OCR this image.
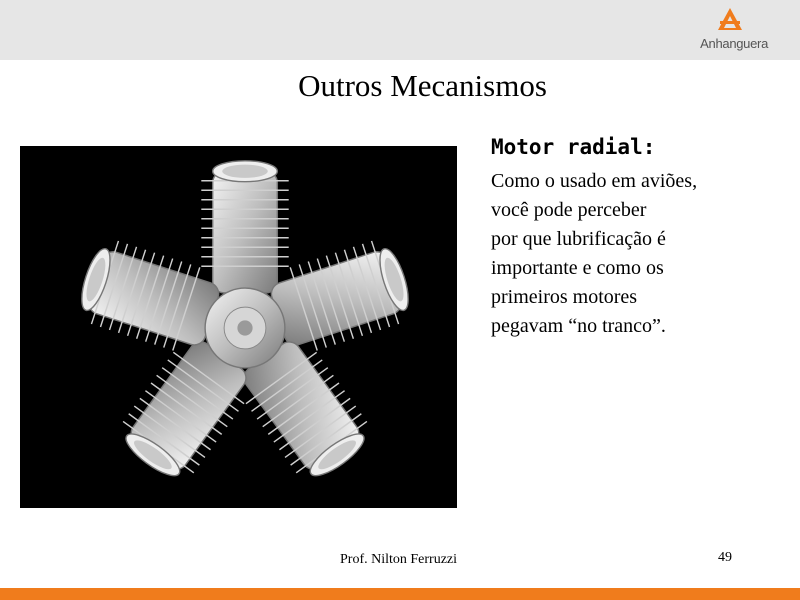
Anhanguera
Outros Mecanismos
Motor radial:
Como o usado em aviões,
você pode perceber
por que lubrificação é
importante e como os
primeiros motores
pegavam “no tranco”.
Prof. Nilton Ferruzzi	49
